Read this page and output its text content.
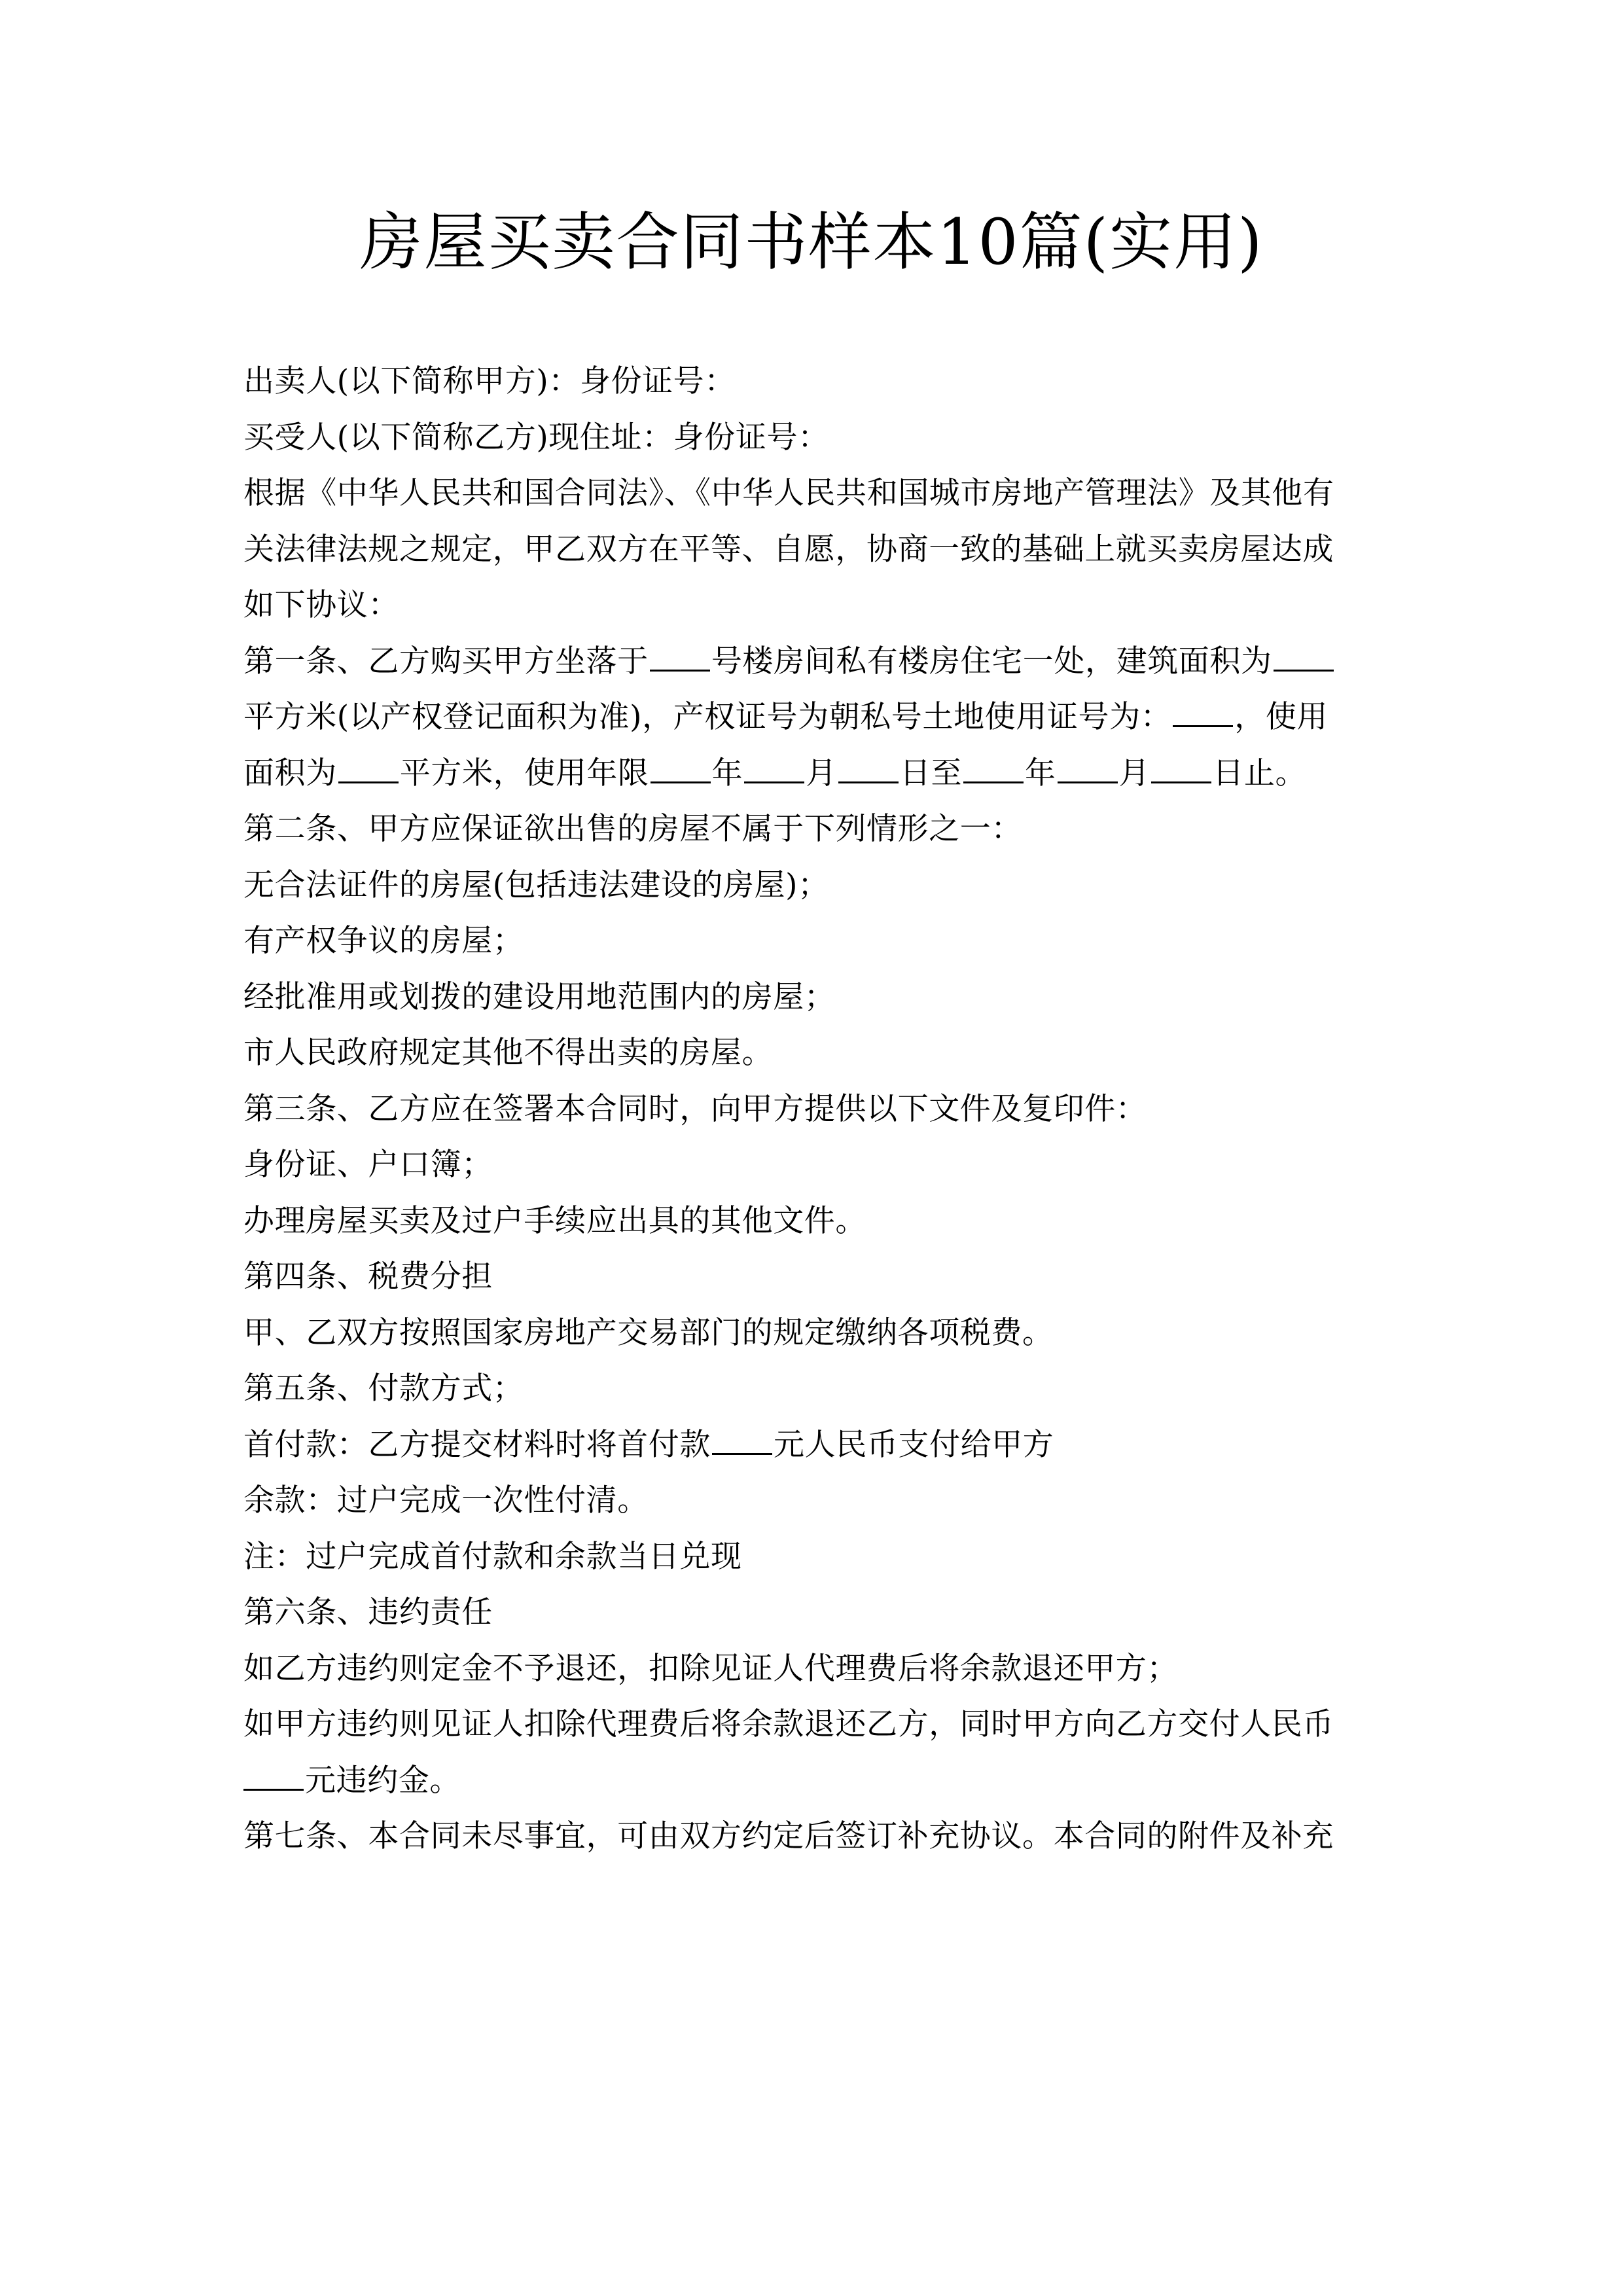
房屋买卖合同书样本10篇(实用)
出卖人(以下简称甲方)：身份证号：
买受人(以下简称乙方)现住址：身份证号：
根据《中华人民共和国合同法》、《中华人民共和国城市房地产管理法》及其他有
关法律法规之规定，甲乙双方在平等、自愿，协商一致的基础上就买卖房屋达成
如下协议：
第一条、乙方购买甲方坐落于 号楼房间私有楼房住宅一处，建筑面积为
平方米(以产权登记面积为准)，产权证号为朝私号土地使用证号为： ，使用
面积为 平方米，使用年限 年 月 日至 年 月 日止。
第二条、甲方应保证欲出售的房屋不属于下列情形之一：
无合法证件的房屋(包括违法建设的房屋)；
有产权争议的房屋；
经批准用或划拨的建设用地范围内的房屋；
市人民政府规定其他不得出卖的房屋。
第三条、乙方应在签署本合同时，向甲方提供以下文件及复印件：
身份证、户口簿；
办理房屋买卖及过户手续应出具的其他文件。
第四条、税费分担
甲、乙双方按照国家房地产交易部门的规定缴纳各项税费。
第五条、付款方式；
首付款：乙方提交材料时将首付款 元人民币支付给甲方
余款：过户完成一次性付清。
注：过户完成首付款和余款当日兑现
第六条、违约责任
如乙方违约则定金不予退还，扣除见证人代理费后将余款退还甲方；
如甲方违约则见证人扣除代理费后将余款退还乙方，同时甲方向乙方交付人民币
元违约金。
第七条、本合同未尽事宜，可由双方约定后签订补充协议。本合同的附件及补充
